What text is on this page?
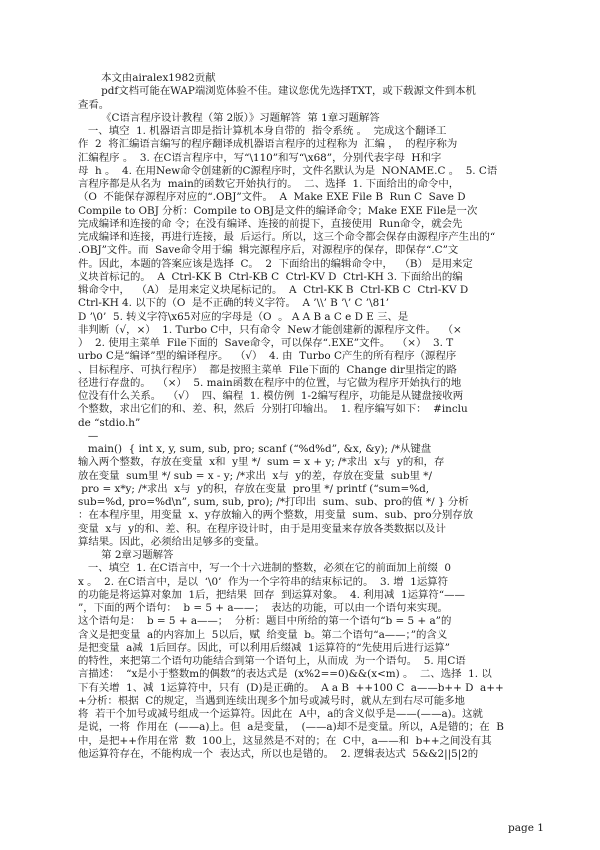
本文由airalex1982贡献
pdf文档可能在WAP端浏览体验不佳。建议您优先选择TXT，或下载源文件到本机
查看。
《C语言程序设计教程（第 2版）》习题解答  第 1章习题解答
一、填空  1. 机器语言即是指计算机本身自带的  指令系统 。  完成这个翻译工
作  2  将汇编语言编写的程序翻译成机器语言程序的过程称为  汇编 ，  的程序称为
汇编程序 。  3. 在C语言程序中，写“\110”和写“\x68”，分别代表字母  H和字
母  h 。  4. 在用New命令创建新的C源程序时，文件名默认为是  NONAME.C 。  5. C语
言程序都是从名为  main的函数它开始执行的。  二、选择  1. 下面给出的命令中，
（O  不能保存源程序对应的“.OBJ”文件。  A  Make EXE File B  Run C  Save D
Compile to OBJ 分析：Compile to OBJ是文件的编译命令；Make EXE File是一次
完成编译和连接的命 令；在没有编译、连接的前提下，直接使用  Run命令，就会先
完成编译和连接，再进行连接，最  后运行。所以，这三个命令都会保存由源程序产生出的“
.OBJ”文件。而  Save命令用于编  辑完源程序后，对源程序的保存，即保存“.C”文
件。因此，本题的答案应该是选择  C。  2  下面给出的编辑命令中，  （B） 是用来定
义块首标记的。  A  Ctrl-KK B  Ctrl-KB C  Ctrl-KV D  Ctrl-KH 3. 下面给出的编
辑命令中，  （A） 是用来定义块尾标记的。  A  Ctrl-KK B  Ctrl-KB C  Ctrl-KV D
Ctrl-KH 4. 以下的（O  是不正确的转义字符。  A ’\\’ B ’\’ C ’\81’
D ’\0’  5. 转义字符\x65对应的字母是（O  。 A A B a C e D E 三、是
非判断（√，×）  1. Turbo C中，只有命令  New才能创建新的源程序文件。  （×
）  2. 使用主菜单  File下面的  Save命令，可以保存“.EXE”文件。  （×）  3. T
urbo C是“编译”型的编译程序。  （√）  4. 由  Turbo C产生的所有程序（源程序
、目标程序、可执行程序）  都是按照主菜单  File下面的  Change dir里指定的路
径进行存盘的。  （×）  5. main函数在程序中的位置，与它做为程序开始执行的地
位没有什么关系。  （√）  四、编程  1. 模仿例  1-2编写程序，功能是从键盘接收两
个整数，求出它们的和、差、积，然后  分别打印输出。  1. 程序编写如下：  #inclu
de “stdio.h”
—
main()  { int x, y, sum, sub, pro; scanf (“%d%d”, &x, &y); /*从键盘
输入两个整数，存放在变量  x和  y里 */  sum = x + y; /*求出  x与  y的和，存
放在变量  sum里 */ sub = x - y; /*求出  x与  y的差，存放在变量  sub里 */
pro = x*y; /*求出  x与  y的积，存放在变量  pro里 */ printf (“sum=%d,
sub=%d, pro=%d\n”, sum, sub, pro); /*打印出  sum、sub、pro的值 */ } 分析
：在本程序里，用变量  x、y存放输入的两个整数，用变量  sum、sub、pro分别存放
变量  x与  y的和、差、积。在程序设计时，由于是用变量来存放各类数据以及计
算结果。因此，必须给出足够多的变量。
第 2章习题解答
一、填空  1. 在C语言中，写一个十六进制的整数，必须在它的前面加上前缀  0
x 。  2. 在C语言中，是以  ‘\0’  作为一个字符串的结束标记的。  3. 增  1运算符
的功能是将运算对象加  1后，把结果  回存  到运算对象。  4. 利用减  1运算符“——
”，下面的两个语句：  b = 5 + a——；  表达的功能，可以由一个语句来实现。
这个语句是：  b = 5 + a——；  分析：题目中所给的第一个语句“b = 5 + a”的
含义是把变量  a的内容加上  5以后，赋  给变量  b。第二个语句“a——；”的含义
是把变量  a减  1后回存。因此，可以利用后缀减  1运算符的“先使用后进行运算”
的特性，来把第二个语句功能结合到第一个语句上，从而成  为一个语句。  5. 用C语
言描述：  “x是小于整数m的偶数”的表达式是  (x%2==0)&&(x<m) 。  二、选择  1. 以
下有关增  1、减  1运算符中，只有  (D)是正确的。  A a B  ++100 C  a——b++ D  a++
+分析：根据  C的规定，当遇到连续出现多个加号或减号时，就从左到右尽可能多地
将  若干个加号或减号组成一个运算符。因此在  A中，a的含义似乎是——(——a)。这就
是说，一将  作用在  (——a)上。但  a是变量，  (——a)却不是变量。所以，A是错的；在  B
中，是把++作用在常  数  100上，这显然是不对的；在  C中，a——和  b++之间没有其
他运算符存在，不能构成一个  表达式，所以也是错的。  2. 逻辑表达式  5&&2||5|2的
page 1
